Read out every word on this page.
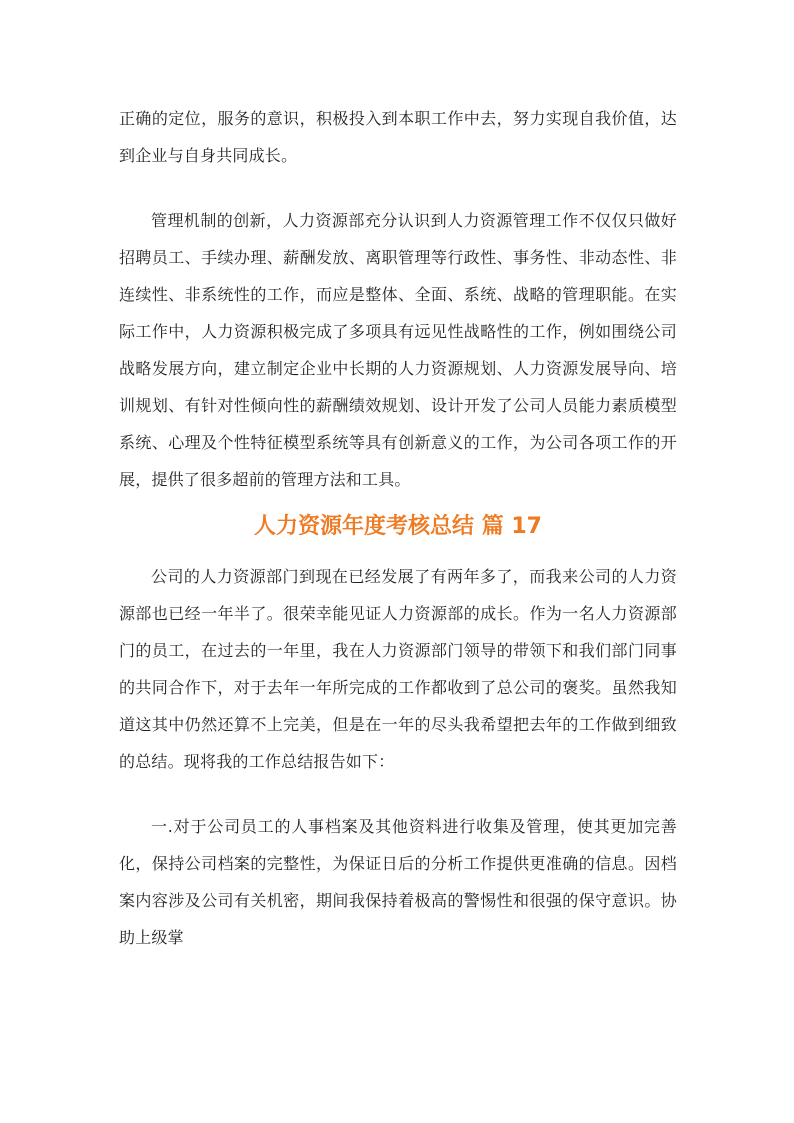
正确的定位，服务的意识，积极投入到本职工作中去，努力实现自我价值，达到企业与自身共同成长。

管理机制的创新，人力资源部充分认识到人力资源管理工作不仅仅只做好招聘员工、手续办理、薪酬发放、离职管理等行政性、事务性、非动态性、非连续性、非系统性的工作，而应是整体、全面、系统、战略的管理职能。在实际工作中，人力资源积极完成了多项具有远见性战略性的工作，例如围绕公司战略发展方向，建立制定企业中长期的人力资源规划、人力资源发展导向、培训规划、有针对性倾向性的薪酬绩效规划、设计开发了公司人员能力素质模型系统、心理及个性特征模型系统等具有创新意义的工作，为公司各项工作的开展，提供了很多超前的管理方法和工具。

人力资源年度考核总结 篇 17

公司的人力资源部门到现在已经发展了有两年多了，而我来公司的人力资源部也已经一年半了。很荣幸能见证人力资源部的成长。作为一名人力资源部门的员工，在过去的一年里，我在人力资源部门领导的带领下和我们部门同事的共同合作下，对于去年一年所完成的工作都收到了总公司的褒奖。虽然我知道这其中仍然还算不上完美，但是在一年的尽头我希望把去年的工作做到细致的总结。现将我的工作总结报告如下：

一.对于公司员工的人事档案及其他资料进行收集及管理，使其更加完善化，保持公司档案的完整性，为保证日后的分析工作提供更准确的信息。因档案内容涉及公司有关机密，期间我保持着极高的警惕性和很强的保守意识。协助上级掌
